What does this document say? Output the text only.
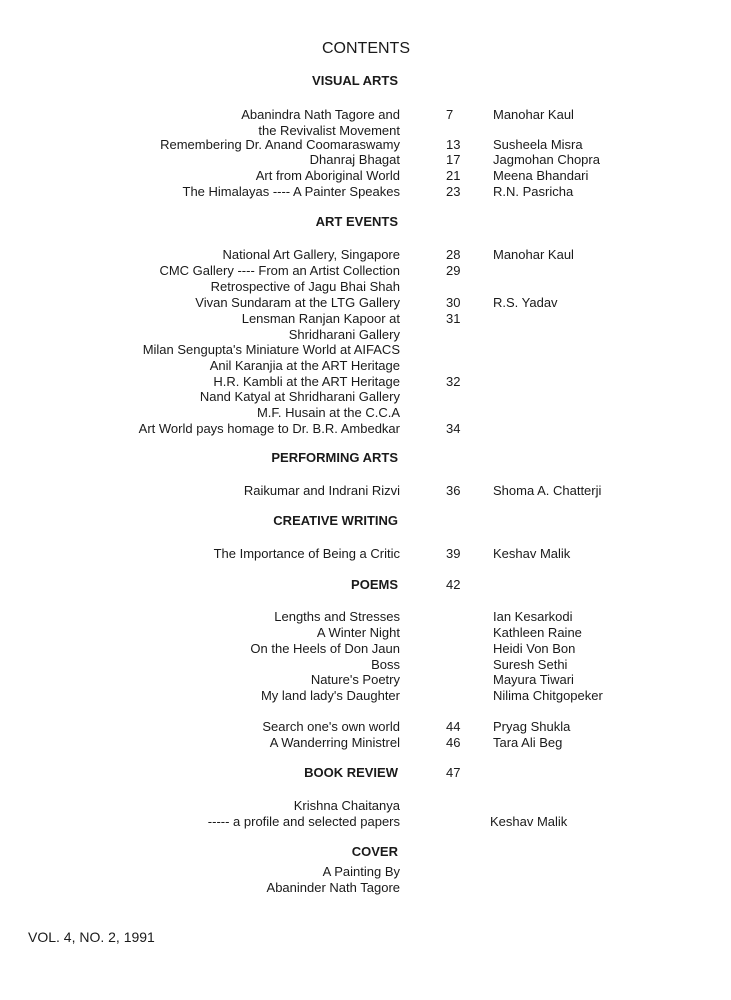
CONTENTS
VISUAL ARTS
Abanindra Nath Tagore and
the Revivalist Movement
7	Manohar Kaul
Remembering Dr. Anand Coomaraswamy	13	Susheela Misra
Dhanraj Bhagat	17	Jagmohan Chopra
Art from Aboriginal World	21	Meena Bhandari
The Himalayas ---- A Painter Speakes	23	R.N. Pasricha
ART EVENTS
National Art Gallery, Singapore	28	Manohar Kaul
CMC Gallery ---- From an Artist Collection	29
Retrospective of Jagu Bhai Shah
Vivan Sundaram at the LTG Gallery	30	R.S. Yadav
Lensman Ranjan Kapoor at
Shridharani Gallery
31
Milan Sengupta's Miniature World at AIFACS
Anil Karanjia at the ART Heritage
H.R. Kambli at the ART Heritage	32
Nand Katyal at Shridharani Gallery
M.F. Husain at the C.C.A
Art World pays homage to Dr. B.R. Ambedkar	34
PERFORMING ARTS
Raikumar and Indrani Rizvi	36	Shoma A. Chatterji
CREATIVE WRITING
The Importance of Being a Critic	39	Keshav Malik
POEMS	42
Lengths and Stresses	Ian Kesarkodi
A Winter Night	Kathleen Raine
On the Heels of Don Jaun	Heidi Von Bon
Boss	Suresh Sethi
Nature's Poetry	Mayura Tiwari
My land lady's Daughter	Nilima Chitgopeker
Search one's own world	44	Pryag Shukla
A Wanderring Ministrel	46	Tara Ali Beg
BOOK REVIEW	47
Krishna Chaitanya
----- a profile and selected papers	Keshav Malik
COVER
A Painting By
Abaninder Nath Tagore
VOL. 4, NO. 2, 1991
